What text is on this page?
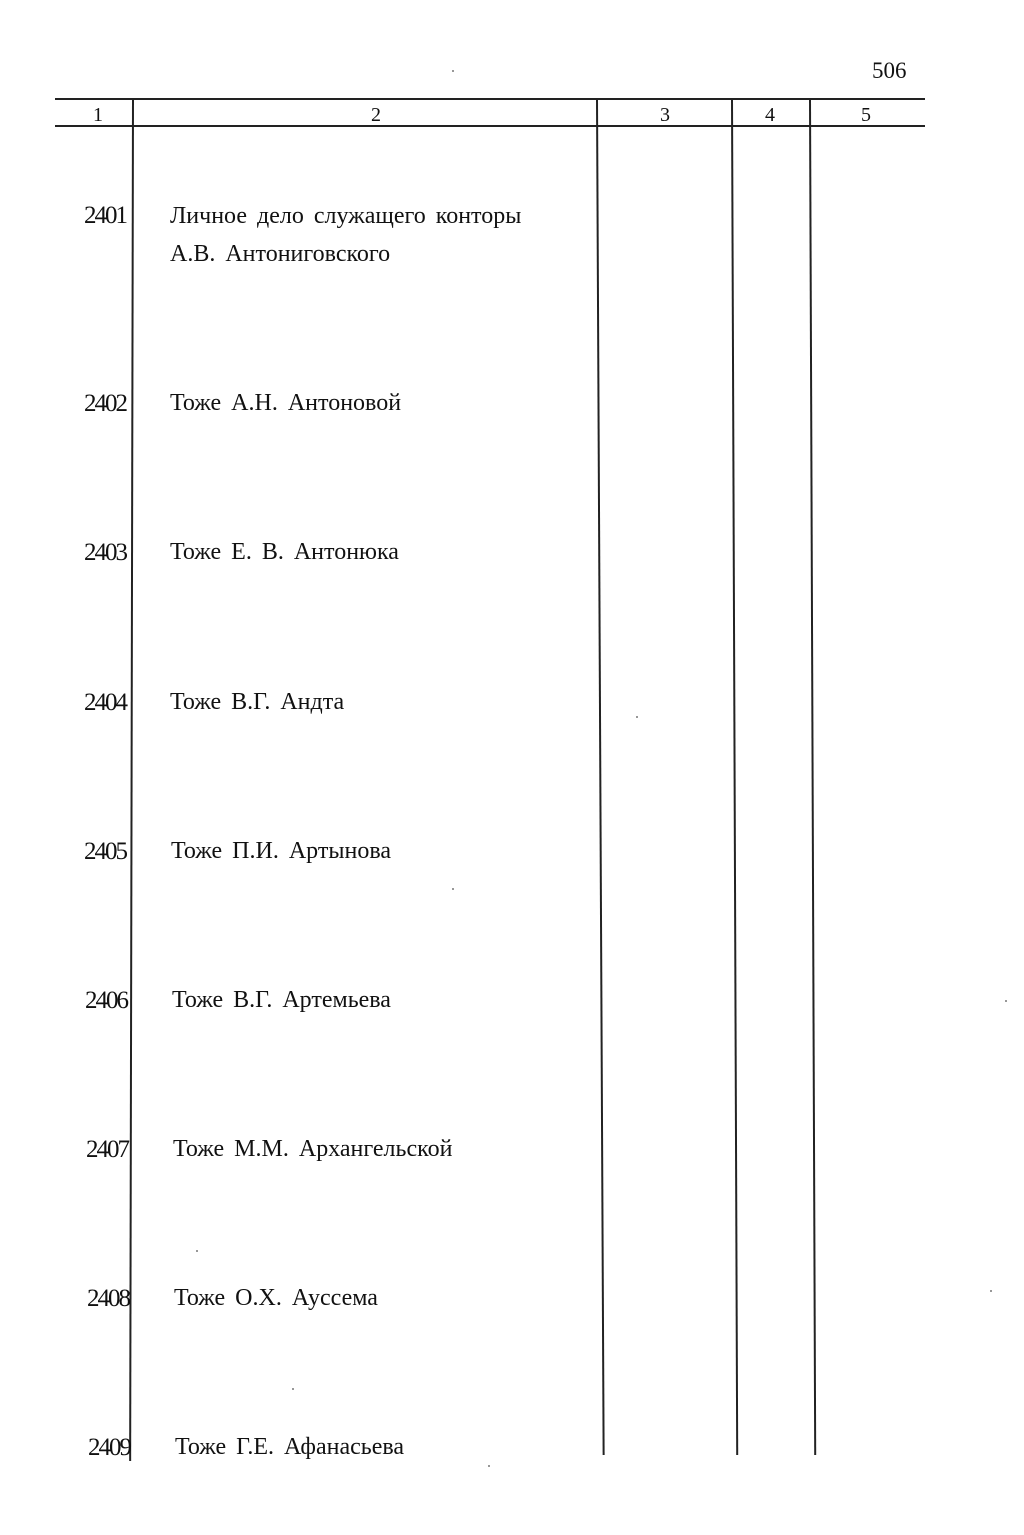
506
1	2	3	4	5
2401 Личное дело служащего конторы
А.В. Антониговского
2402 Тоже А.Н. Антоновой
2403 Тоже Е. В. Антонюка
2404 Тоже В.Г. Андта
2405 Тоже П.И. Артынова
2406 Тоже В.Г. Артемьева
2407 Тоже М.М. Архангельской
2408 Тоже О.Х. Ауссема
2409 Тоже Г.Е. Афанасьева
